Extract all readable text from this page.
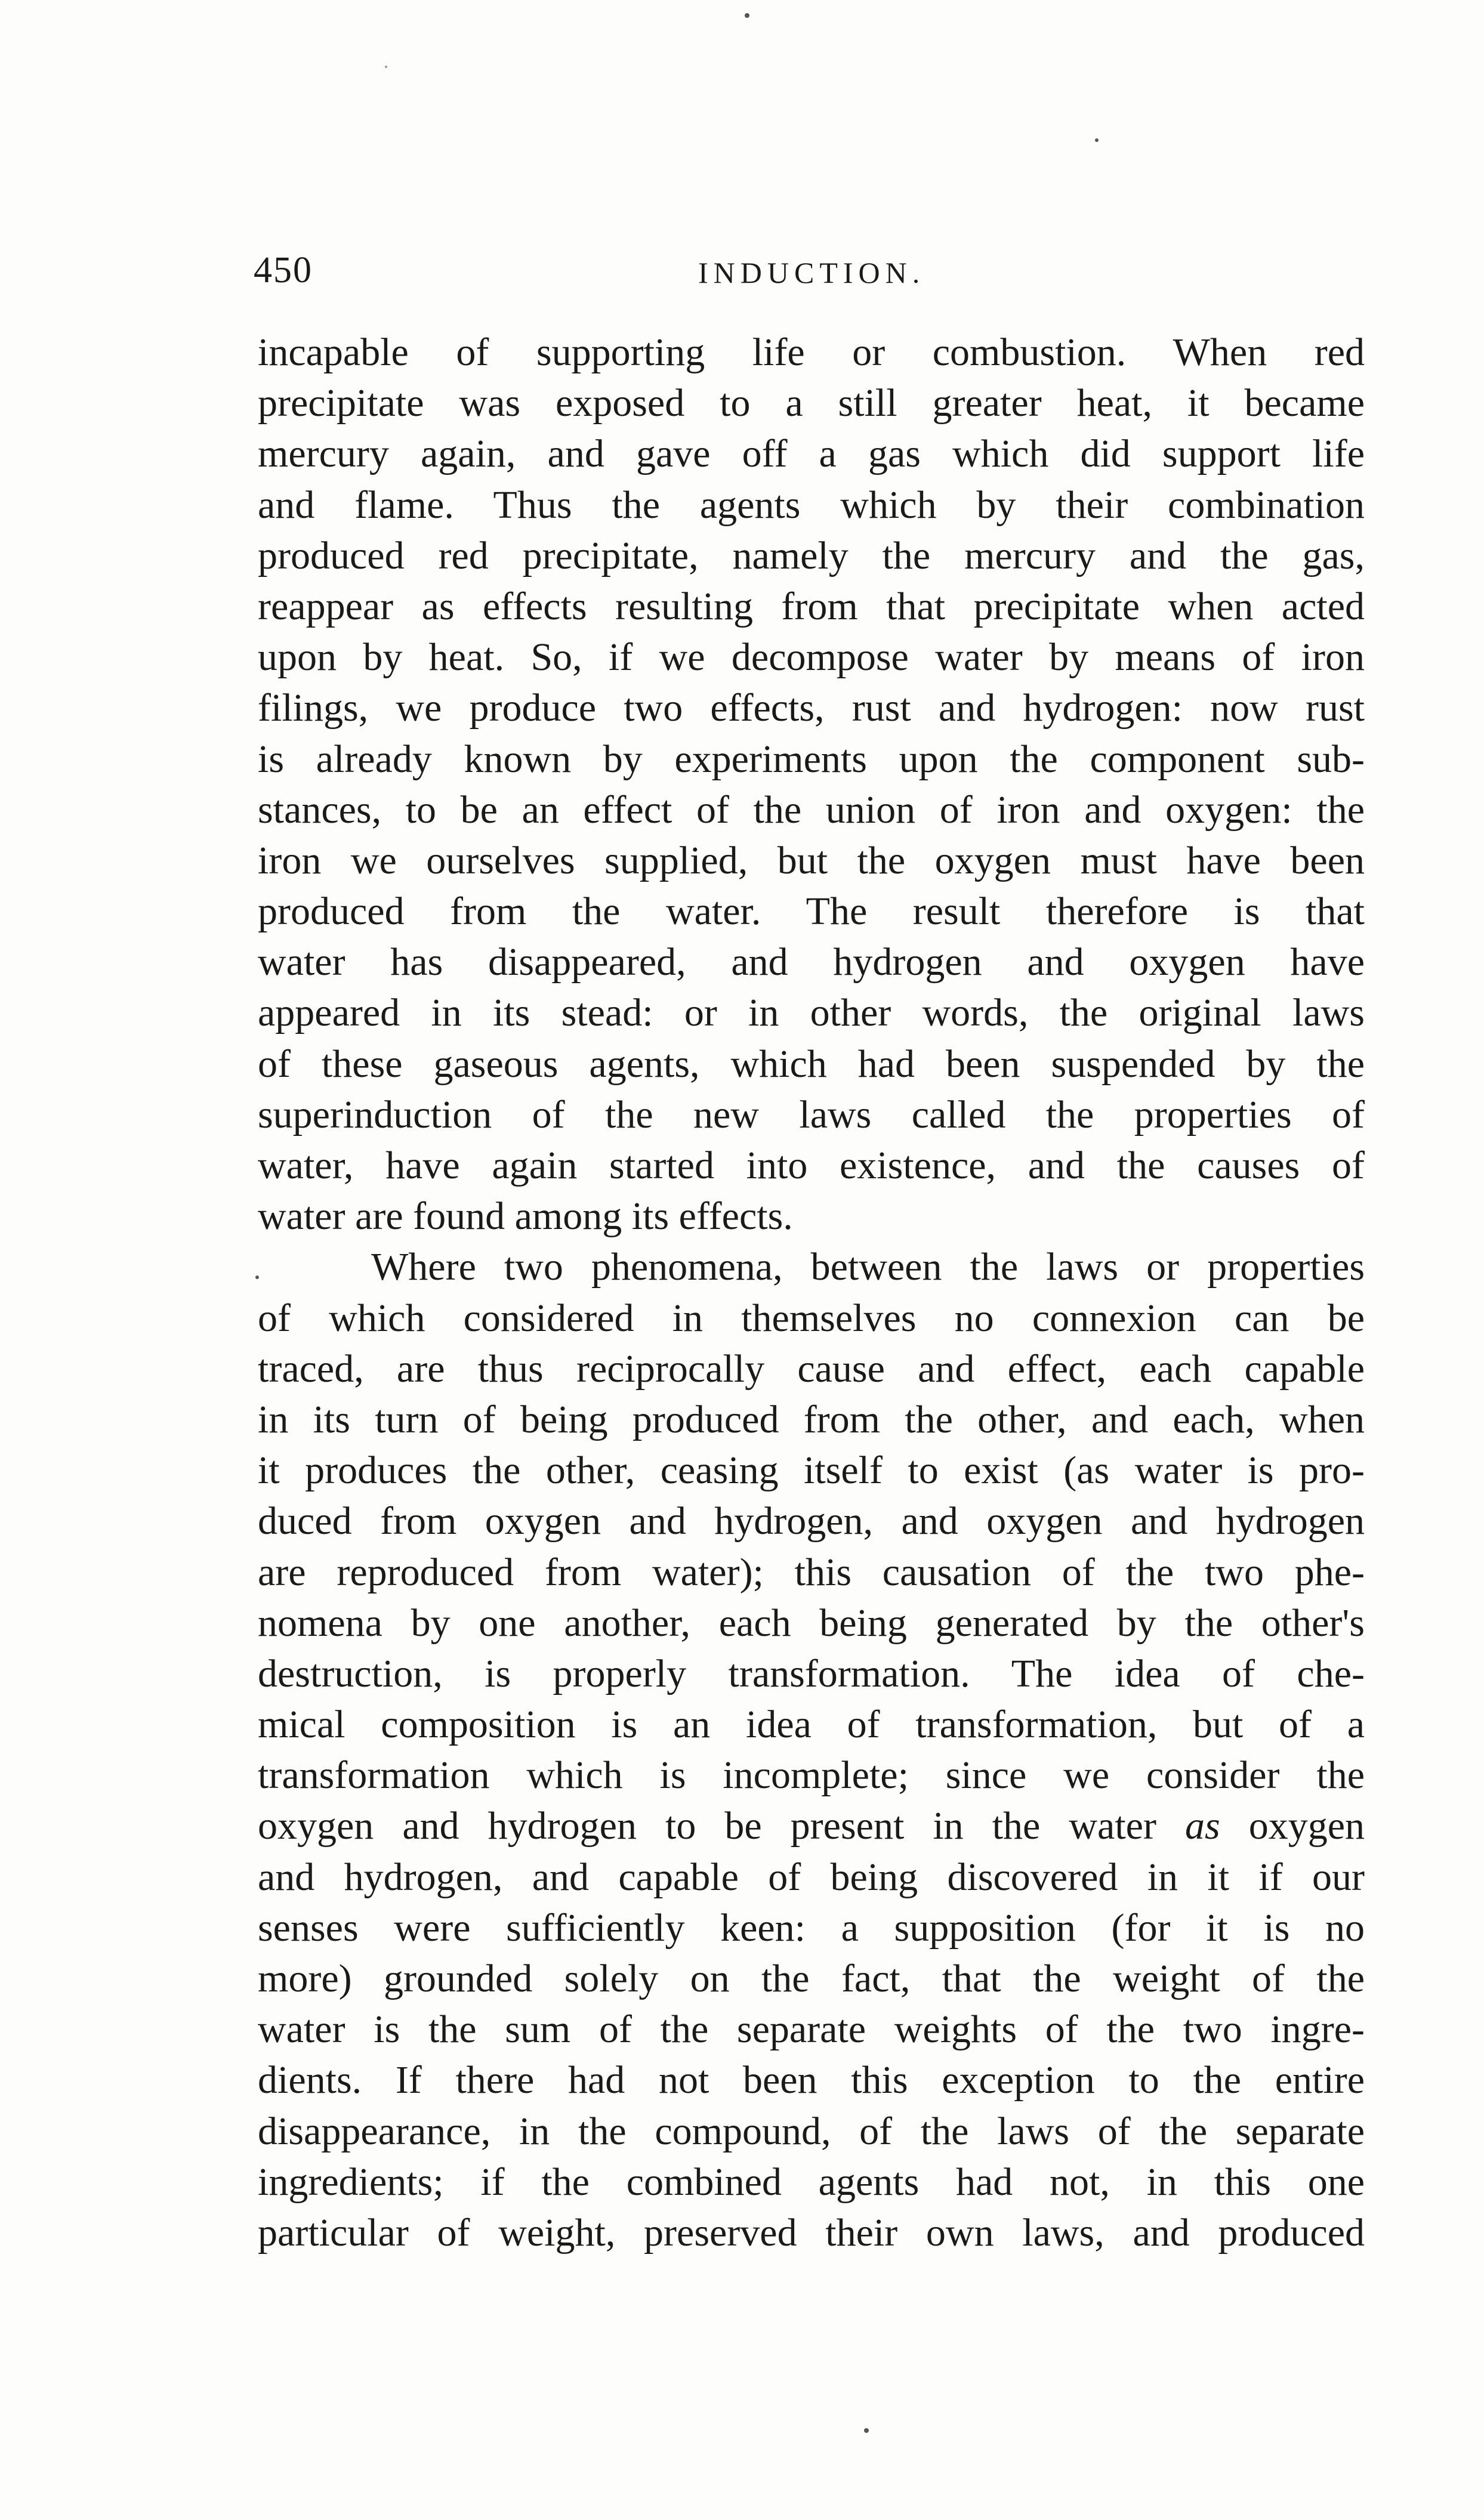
450	INDUCTION.
incapable of supporting life or combustion. When red
precipitate was exposed to a still greater heat, it became
mercury again, and gave off a gas which did support life
and flame. Thus the agents which by their combination
produced red precipitate, namely the mercury and the gas,
reappear as effects resulting from that precipitate when acted
upon by heat. So, if we decompose water by means of iron
filings, we produce two effects, rust and hydrogen: now rust
is already known by experiments upon the component sub-
stances, to be an effect of the union of iron and oxygen: the
iron we ourselves supplied, but the oxygen must have been
produced from the water. The result therefore is that
water has disappeared, and hydrogen and oxygen have
appeared in its stead: or in other words, the original laws
of these gaseous agents, which had been suspended by the
superinduction of the new laws called the properties of
water, have again started into existence, and the causes of
water are found among its effects.
Where two phenomena, between the laws or properties
of which considered in themselves no connexion can be
traced, are thus reciprocally cause and effect, each capable
in its turn of being produced from the other, and each, when
it produces the other, ceasing itself to exist (as water is pro-
duced from oxygen and hydrogen, and oxygen and hydrogen
are reproduced from water); this causation of the two phe-
nomena by one another, each being generated by the other's
destruction, is properly transformation. The idea of che-
mical composition is an idea of transformation, but of a
transformation which is incomplete; since we consider the
oxygen and hydrogen to be present in the water as oxygen
and hydrogen, and capable of being discovered in it if our
senses were sufficiently keen: a supposition (for it is no
more) grounded solely on the fact, that the weight of the
water is the sum of the separate weights of the two ingre-
dients. If there had not been this exception to the entire
disappearance, in the compound, of the laws of the separate
ingredients; if the combined agents had not, in this one
particular of weight, preserved their own laws, and produced
